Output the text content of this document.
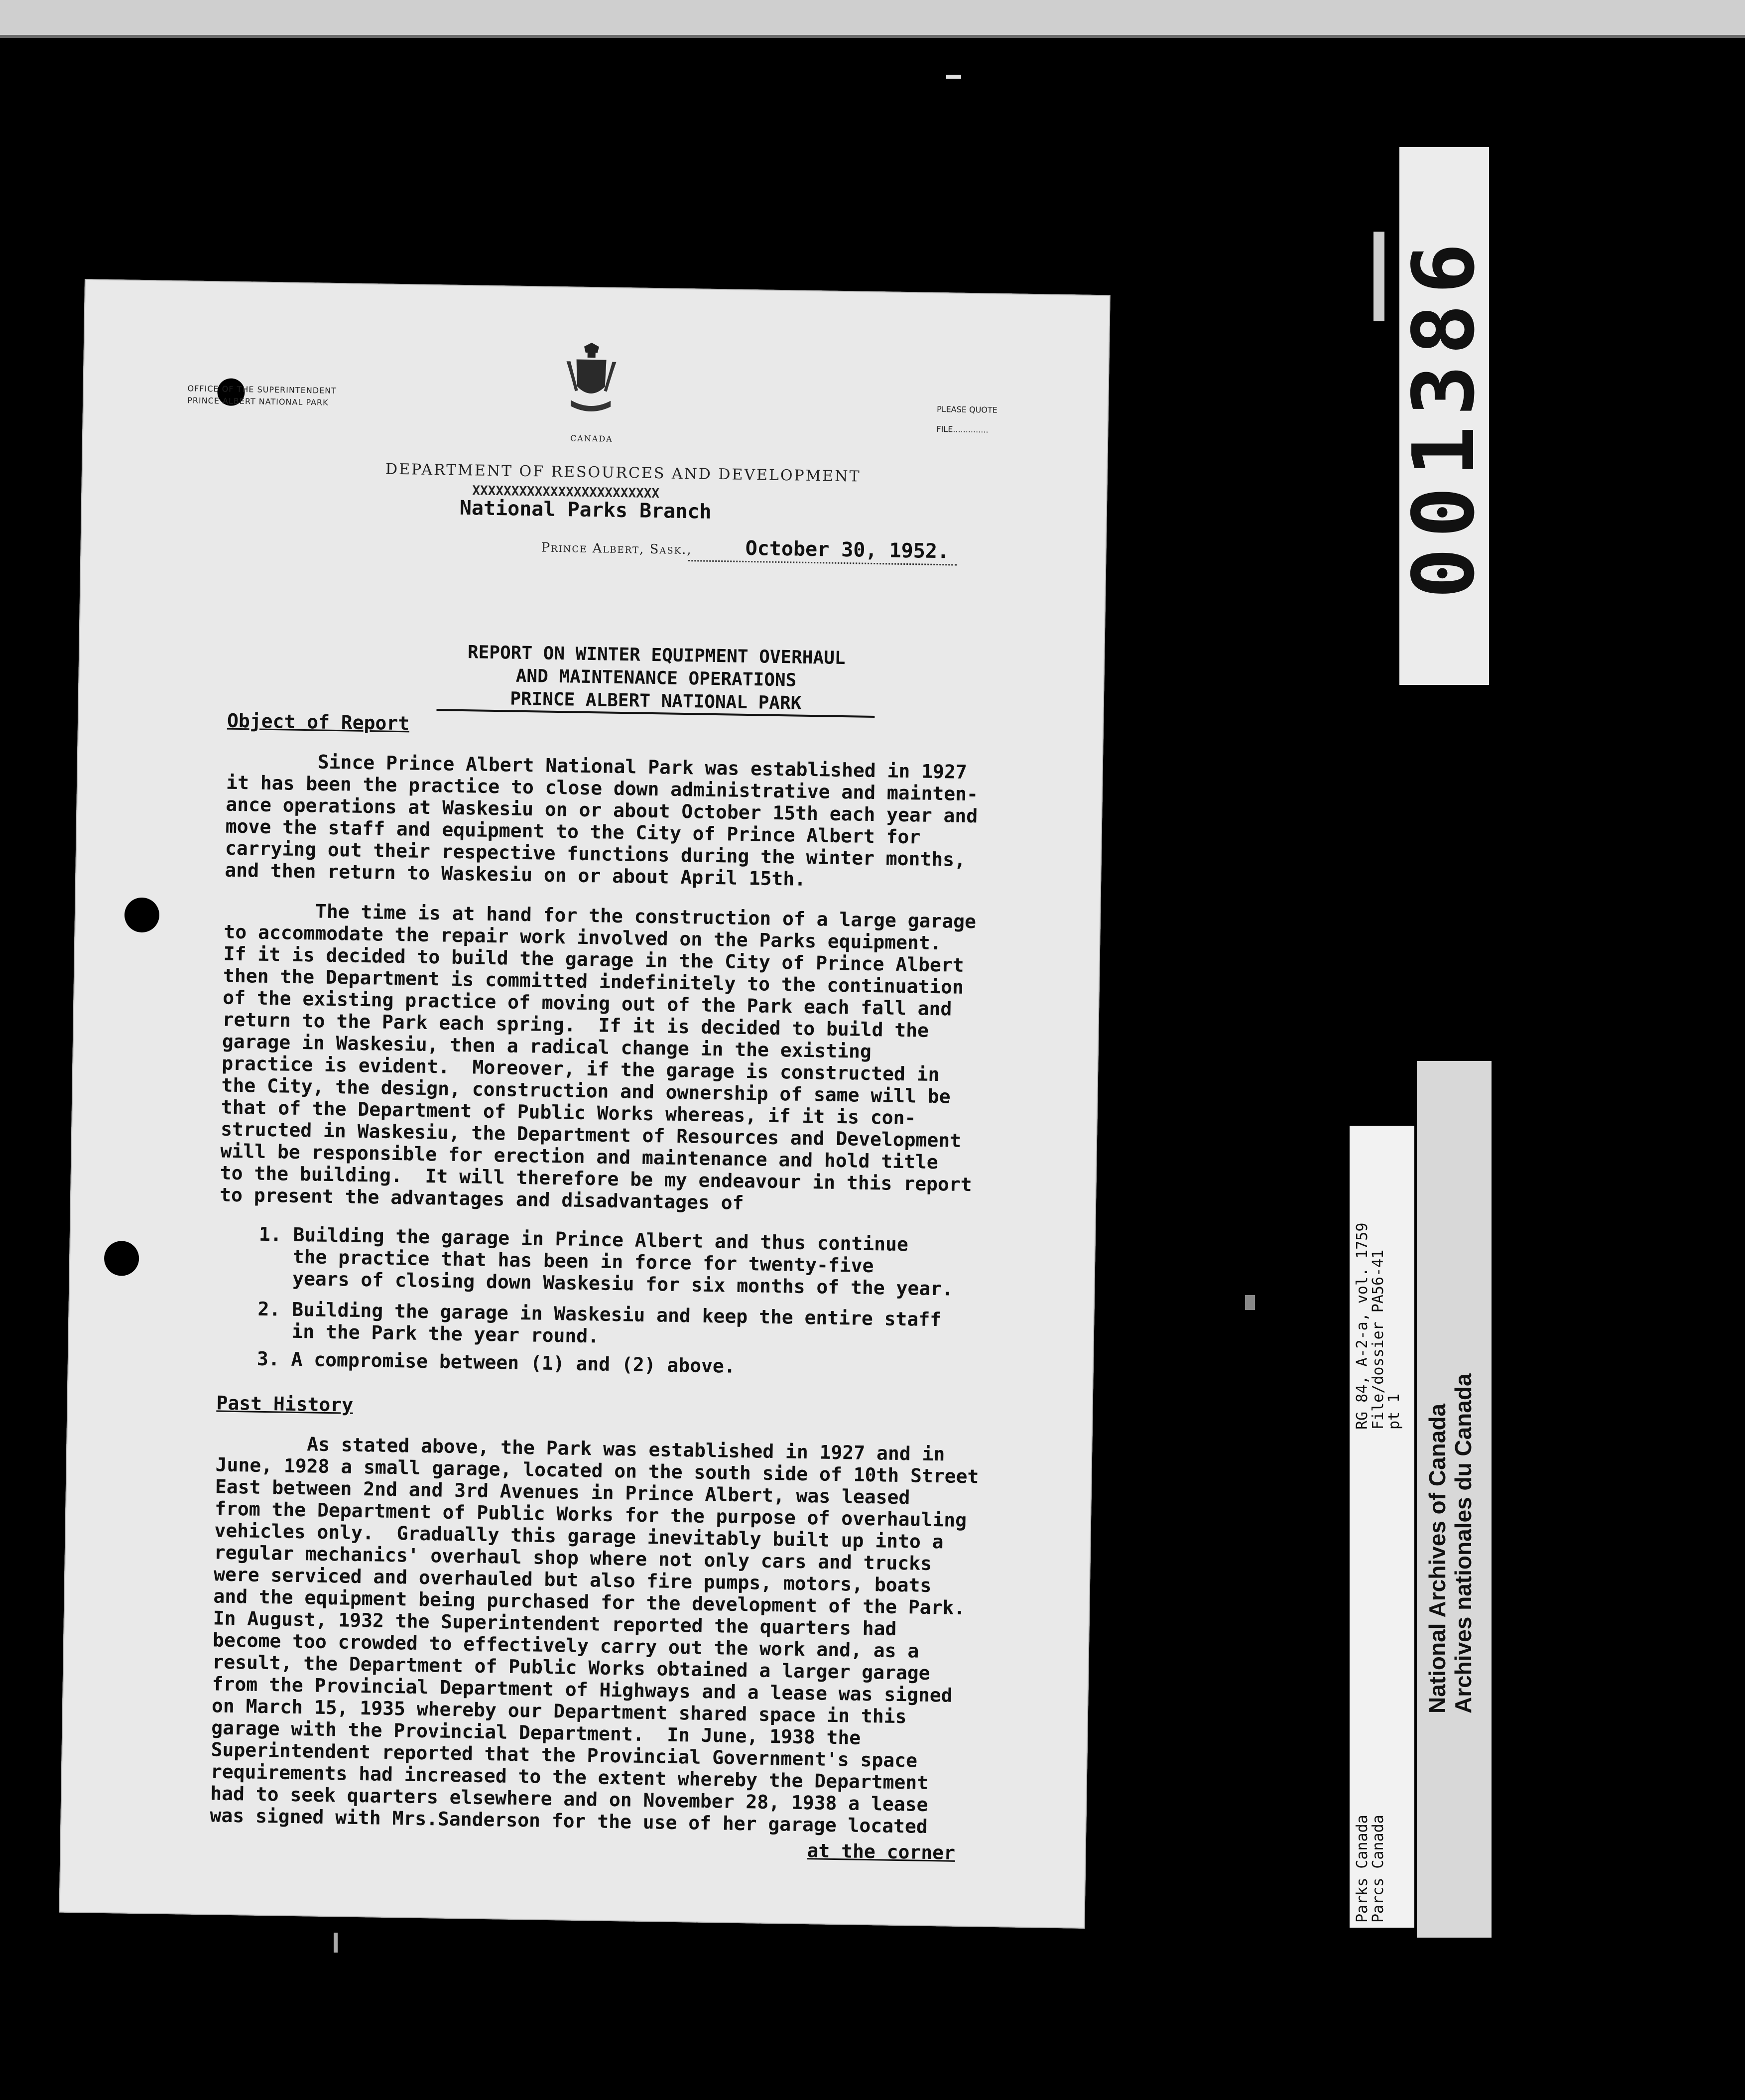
OFFICE OF THE SUPERINTENDENT
PRINCE ALBERT NATIONAL PARK
CANADA
PLEASE QUOTE
FILE..............
DEPARTMENT OF RESOURCES AND DEVELOPMENT
XXXXXXXXXXXXXXXXXXXXXXXX
National Parks Branch
Prince Albert, Sask.,	October 30, 1952.
REPORT ON WINTER EQUIPMENT OVERHAUL
AND MAINTENANCE OPERATIONS
PRINCE ALBERT NATIONAL PARK
Object of Report
Since Prince Albert National Park was established in 1927
it has been the practice to close down administrative and mainten-
ance operations at Waskesiu on or about October 15th each year and
move the staff and equipment to the City of Prince Albert for
carrying out their respective functions during the winter months,
and then return to Waskesiu on or about April 15th.
The time is at hand for the construction of a large garage
to accommodate the repair work involved on the Parks equipment.
If it is decided to build the garage in the City of Prince Albert
then the Department is committed indefinitely to the continuation
of the existing practice of moving out of the Park each fall and
return to the Park each spring.  If it is decided to build the
garage in Waskesiu, then a radical change in the existing
practice is evident.  Moreover, if the garage is constructed in
the City, the design, construction and ownership of same will be
that of the Department of Public Works whereas, if it is con-
structed in Waskesiu, the Department of Resources and Development
will be responsible for erection and maintenance and hold title
to the building.  It will therefore be my endeavour in this report
to present the advantages and disadvantages of
1. Building the garage in Prince Albert and thus continue
the practice that has been in force for twenty-five
years of closing down Waskesiu for six months of the year.
2. Building the garage in Waskesiu and keep the entire staff
in the Park the year round.
3. A compromise between (1) and (2) above.
Past History
As stated above, the Park was established in 1927 and in
June, 1928 a small garage, located on the south side of 10th Street
East between 2nd and 3rd Avenues in Prince Albert, was leased
from the Department of Public Works for the purpose of overhauling
vehicles only.  Gradually this garage inevitably built up into a
regular mechanics' overhaul shop where not only cars and trucks
were serviced and overhauled but also fire pumps, motors, boats
and the equipment being purchased for the development of the Park.
In August, 1932 the Superintendent reported the quarters had
become too crowded to effectively carry out the work and, as a
result, the Department of Public Works obtained a larger garage
from the Provincial Department of Highways and a lease was signed
on March 15, 1935 whereby our Department shared space in this
garage with the Provincial Department.  In June, 1938 the
Superintendent reported that the Provincial Government's space
requirements had increased to the extent whereby the Department
had to seek quarters elsewhere and on November 28, 1938 a lease
was signed with Mrs.Sanderson for the use of her garage located
at the corner
001386
RG 84, A-2-a, vol. 1759
File/dossier PA56-41
pt 1
Parks Canada
Parcs Canada
National Archives of Canada Archives nationales du Canada
